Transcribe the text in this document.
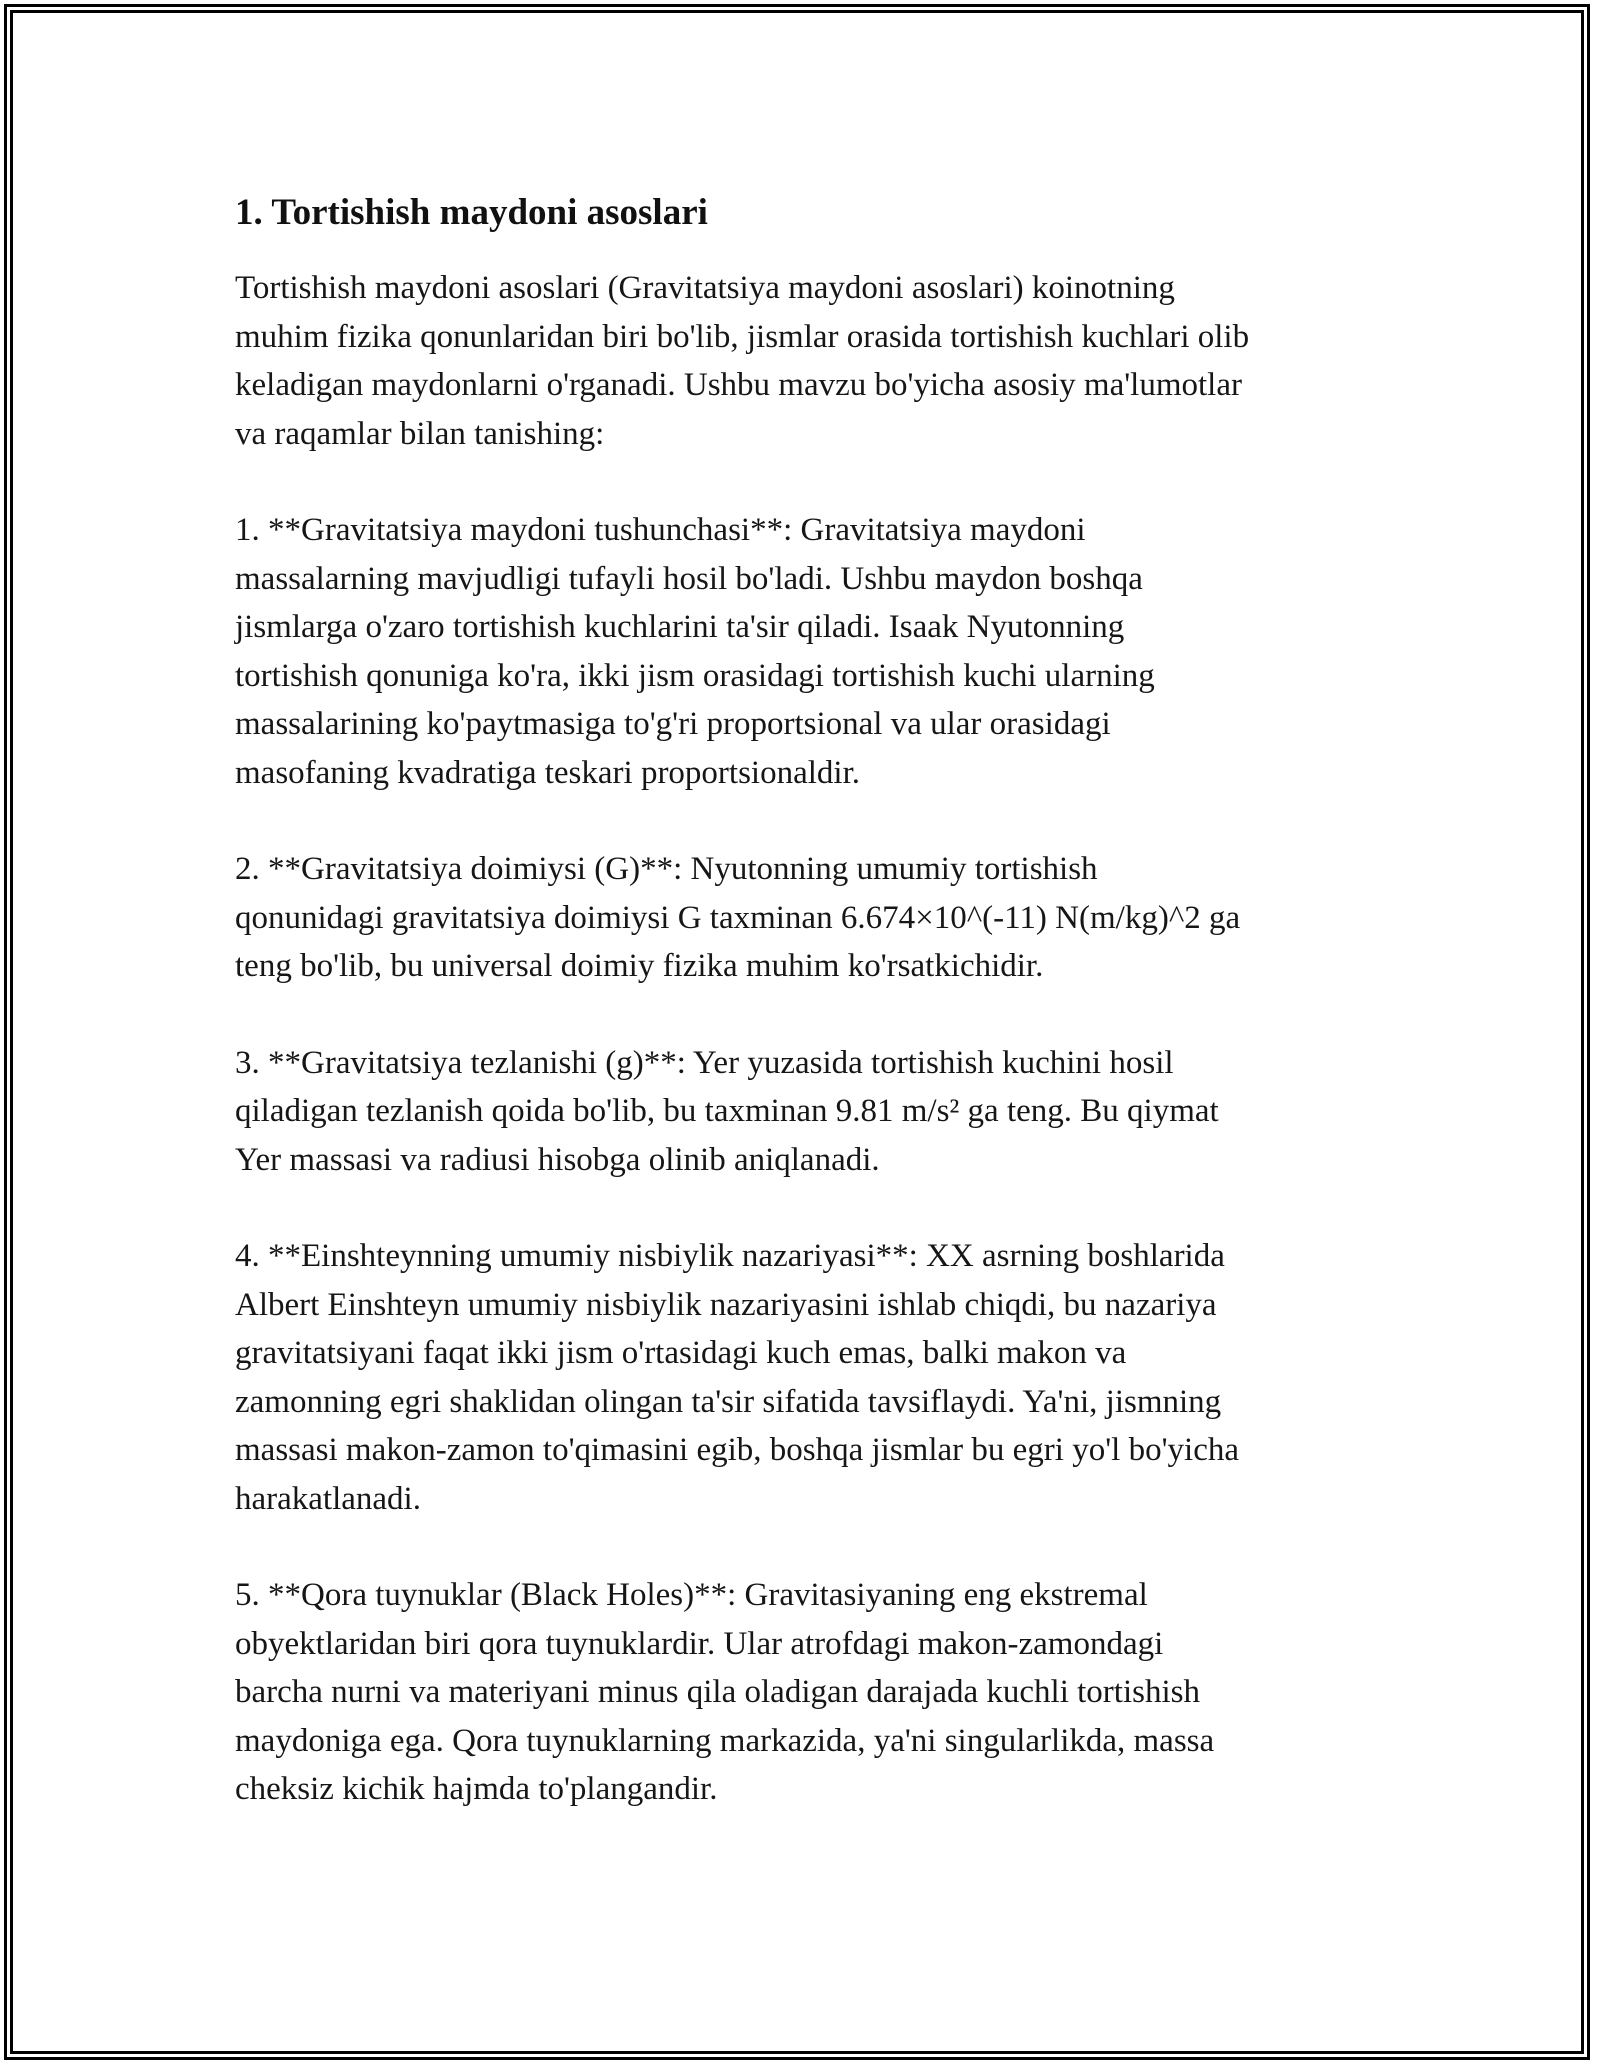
1. Tortishish maydoni asoslari

Tortishish maydoni asoslari (Gravitatsiya maydoni asoslari) koinotning
muhim fizika qonunlaridan biri bo'lib, jismlar orasida tortishish kuchlari olib
keladigan maydonlarni o'rganadi. Ushbu mavzu bo'yicha asosiy ma'lumotlar
va raqamlar bilan tanishing:

1. **Gravitatsiya maydoni tushunchasi**: Gravitatsiya maydoni
massalarning mavjudligi tufayli hosil bo'ladi. Ushbu maydon boshqa
jismlarga o'zaro tortishish kuchlarini ta'sir qiladi. Isaak Nyutonning
tortishish qonuniga ko'ra, ikki jism orasidagi tortishish kuchi ularning
massalarining ko'paytmasiga to'g'ri proportsional va ular orasidagi
masofaning kvadratiga teskari proportsionaldir.

2. **Gravitatsiya doimiysi (G)**: Nyutonning umumiy tortishish
qonunidagi gravitatsiya doimiysi G taxminan 6.674×10^(-11) N(m/kg)^2 ga
teng bo'lib, bu universal doimiy fizika muhim ko'rsatkichidir.

3. **Gravitatsiya tezlanishi (g)**: Yer yuzasida tortishish kuchini hosil
qiladigan tezlanish qoida bo'lib, bu taxminan 9.81 m/s² ga teng. Bu qiymat
Yer massasi va radiusi hisobga olinib aniqlanadi.

4. **Einshteynning umumiy nisbiylik nazariyasi**: XX asrning boshlarida
Albert Einshteyn umumiy nisbiylik nazariyasini ishlab chiqdi, bu nazariya
gravitatsiyani faqat ikki jism o'rtasidagi kuch emas, balki makon va
zamonning egri shaklidan olingan ta'sir sifatida tavsiflaydi. Ya'ni, jismning
massasi makon-zamon to'qimasini egib, boshqa jismlar bu egri yo'l bo'yicha
harakatlanadi.

5. **Qora tuynuklar (Black Holes)**: Gravitasiyaning eng ekstremal
obyektlaridan biri qora tuynuklardir. Ular atrofdagi makon-zamondagi
barcha nurni va materiyani minus qila oladigan darajada kuchli tortishish
maydoniga ega. Qora tuynuklarning markazida, ya'ni singularlikda, massa
cheksiz kichik hajmda to'plangandir.
